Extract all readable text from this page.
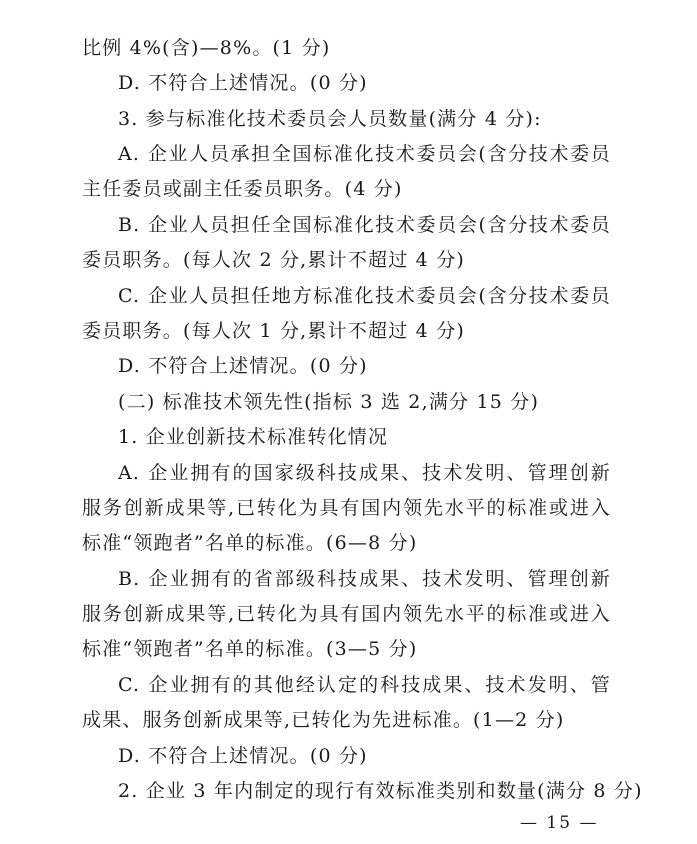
比例 4%(含)—8%。(1 分)
D. 不符合上述情况。(0 分)
3. 参与标准化技术委员会人员数量(满分 4 分):
A. 企业人员承担全国标准化技术委员会(含分技术委员
主任委员或副主任委员职务。(4 分)
B. 企业人员担任全国标准化技术委员会(含分技术委员
委员职务。(每人次 2 分,累计不超过 4 分)
C. 企业人员担任地方标准化技术委员会(含分技术委员
委员职务。(每人次 1 分,累计不超过 4 分)
D. 不符合上述情况。(0 分)
(二) 标准技术领先性(指标 3 选 2,满分 15 分)
1. 企业创新技术标准转化情况
A. 企业拥有的国家级科技成果、技术发明、管理创新
服务创新成果等,已转化为具有国内领先水平的标准或进入
标准“领跑者”名单的标准。(6—8 分)
B. 企业拥有的省部级科技成果、技术发明、管理创新
服务创新成果等,已转化为具有国内领先水平的标准或进入
标准“领跑者”名单的标准。(3—5 分)
C. 企业拥有的其他经认定的科技成果、技术发明、管
成果、服务创新成果等,已转化为先进标准。(1—2 分)
D. 不符合上述情况。(0 分)
2. 企业 3 年内制定的现行有效标准类别和数量(满分 8 分)
— 15 —
